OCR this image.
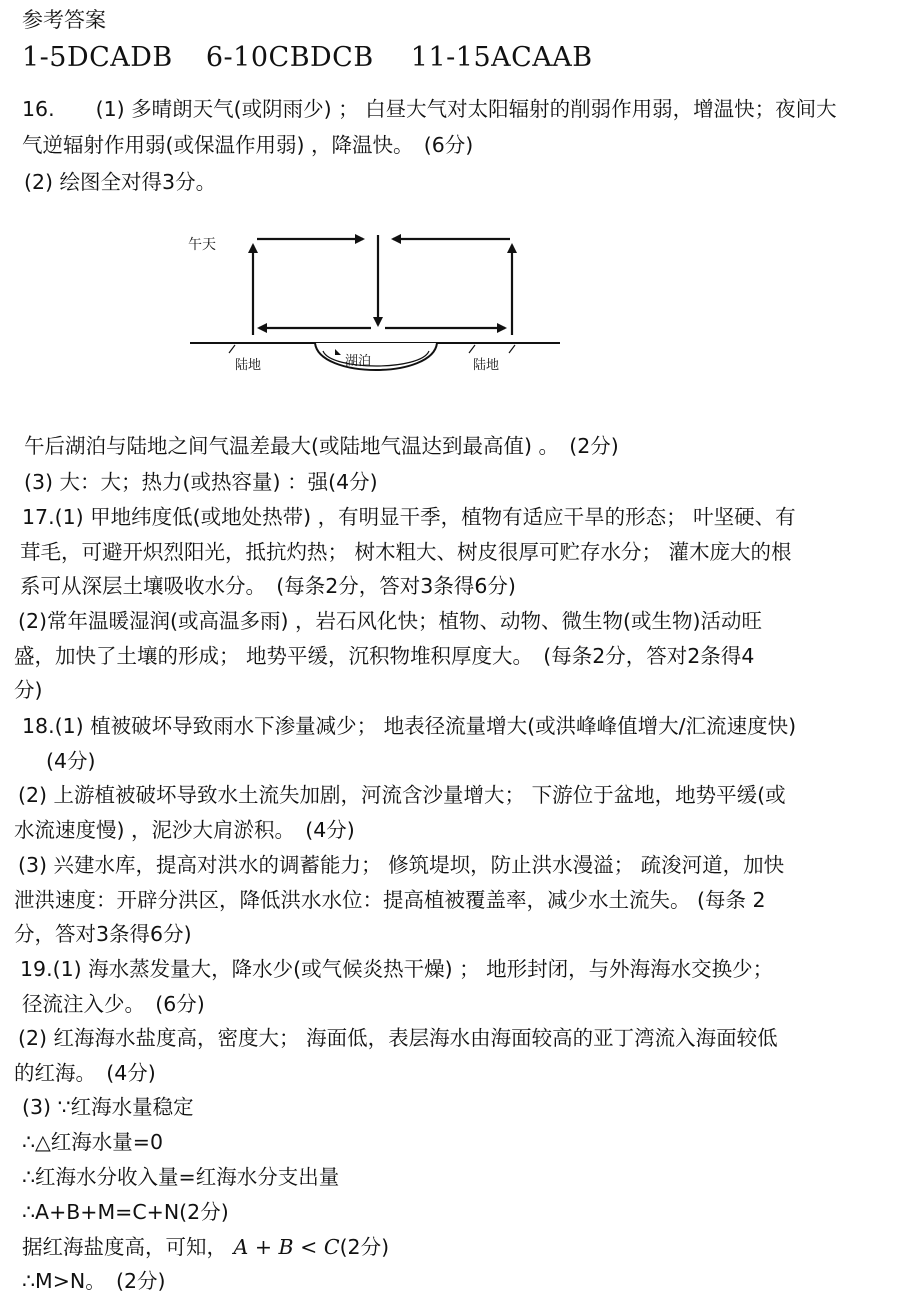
参考答案
1-5DCADB 6-10CBDCB 11-15ACAAB
16.　　(1) 多晴朗天气(或阴雨少) ； 白昼大气对太阳辐射的削弱作用弱，增温快；夜间大
气逆辐射作用弱(或保温作用弱) ，降温快。　(6分)
(2) 绘图全对得3分。
午天
湖泊
陆地	陆地
午后湖泊与陆地之间气温差最大(或陆地气温达到最高值) 。　(2分)
(3) 大：大；热力(或热容量) ：强(4分)
17.(1) 甲地纬度低(或地处热带) ，有明显干季，植物有适应干旱的形态； 叶坚硬、有
茸毛，可避开炽烈阳光，抵抗灼热； 树木粗大、树皮很厚可贮存水分； 灌木庞大的根
系可从深层土壤吸收水分。　(每条2分，答对3条得6分)
(2)常年温暖湿润(或高温多雨) ，岩石风化快；植物、动物、微生物(或生物)活动旺
盛，加快了土壤的形成； 地势平缓，沉积物堆积厚度大。　(每条2分，答对2条得4
分)
18.(1) 植被破坏导致雨水下渗量减少； 地表径流量增大(或洪峰峰值增大/汇流速度快)
(4分)
(2) 上游植被破坏导致水土流失加剧，河流含沙量增大； 下游位于盆地，地势平缓(或
水流速度慢) ，泥沙大肩淤积。　(4分)
(3) 兴建水库，提高对洪水的调蓄能力； 修筑堤坝，防止洪水漫溢； 疏浚河道，加快
泄洪速度：开辟分洪区，降低洪水水位：提高植被覆盖率，减少水土流失。 (每条 2
分，答对3条得6分)
19.(1) 海水蒸发量大，降水少(或气候炎热干燥) ； 地形封闭，与外海海水交换少；
径流注入少。　(6分)
(2) 红海海水盐度高，密度大； 海面低，表层海水由海面较高的亚丁湾流入海面较低
的红海。　(4分)
(3) ∵红海水量稳定
∴△红海水量=0
∴红海水分收入量=红海水分支出量
∴A+B+M=C+N(2分)
据红海盐度高，可知， A + B < C(2分)
∴M>N。　(2分)
